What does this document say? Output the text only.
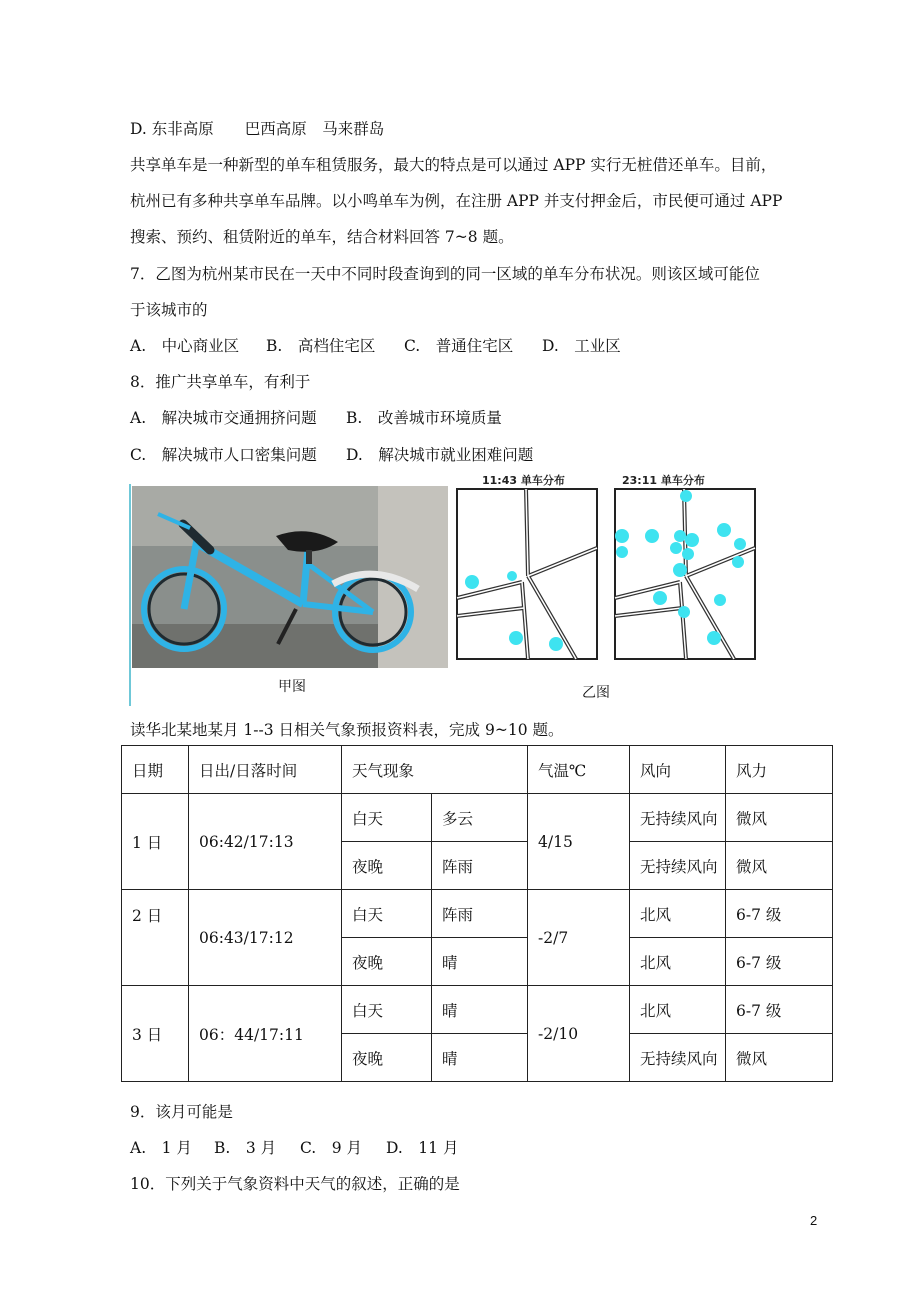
D. 东非高原　　巴西高原　马来群岛
共享单车是一种新型的单车租赁服务，最大的特点是可以通过 APP 实行无桩借还单车。目前，
杭州已有多种共享单车品牌。以小鸣单车为例，在注册 APP 并支付押金后，市民便可通过 APP
搜索、预约、租赁附近的单车，结合材料回答 7~8 题。
7．乙图为杭州某市民在一天中不同时段查询到的同一区域的单车分布状况。则该区域可能位
于该城市的
A.　中心商业区 B.　高档住宅区 C.　普通住宅区 D.　工业区
8．推广共享单车，有利于
A.　解决城市交通拥挤问题 B.　改善城市环境质量
C.　解决城市人口密集问题 D.　解决城市就业困难问题
甲图
11:43 单车分布	23:11 单车分布
乙图
读华北某地某月 1--3 日相关气象预报资料表，完成 9~10 题。
日期	日出/日落时间	天气现象		气温℃	风向	风力
1 日	06:42/17:13	白天	多云	4/15	无持续风向	微风
		夜晚	阵雨		无持续风向	微风
2 日	06:43/17:12	白天	阵雨	-2/7	北风	6-7 级
		夜晚	晴		北风	6-7 级
3 日	06：44/17:11	白天	晴	-2/10	北风	6-7 级
		夜晚	晴		无持续风向	微风
9．该月可能是
A.　1 月 B.　3 月 C.　9 月 D.　11 月
10．下列关于气象资料中天气的叙述，正确的是
2
